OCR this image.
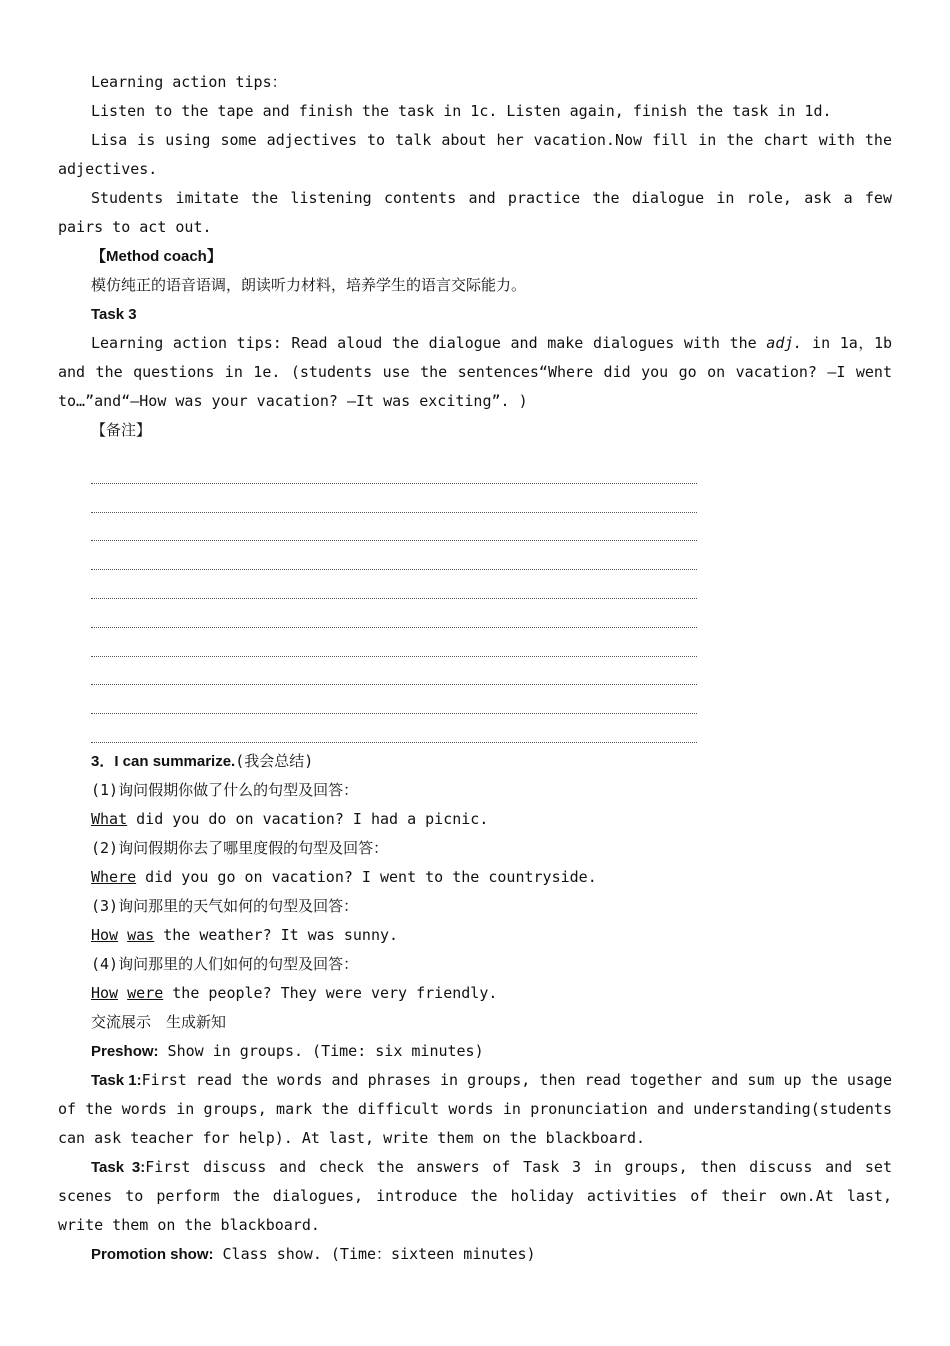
Learning action tips：

Listen to the tape and finish the task in 1c. Listen again, finish the task in 1d.

Lisa is using some adjectives to talk about her vacation.Now fill in the chart with the adjectives.

Students imitate the listening contents and practice the dialogue in role, ask a few pairs to act out.

【Method coach】

模仿纯正的语音语调，朗读听力材料，培养学生的语言交际能力。

Task 3

Learning action tips: Read aloud the dialogue and make dialogues with the adj. in 1a，1b and the questions in 1e. (students use the sentences“Where did you go on vacation? —I went to…”and“—How was your vacation? —It was exciting”. )

【备注】

3．I can summarize.(我会总结)

(1)询问假期你做了什么的句型及回答：

What did you do on vacation? I had a picnic.

(2)询问假期你去了哪里度假的句型及回答：

Where did you go on vacation? I went to the countryside.

(3)询问那里的天气如何的句型及回答：

How was the weather? It was sunny.

(4)询问那里的人们如何的句型及回答：

How were the people? They were very friendly.

交流展示　生成新知

Preshow: Show in groups. (Time: six minutes)

Task 1:First read the words and phrases in groups, then read together and sum up the usage of the words in groups, mark the difficult words in pronunciation and understanding(students can ask teacher for help). At last, write them on the blackboard.

Task 3:First discuss and check the answers of Task 3 in groups, then discuss and set scenes to perform the dialogues, introduce the holiday activities of their own.At last, write them on the blackboard.

Promotion show: Class show. (Time：sixteen minutes)
